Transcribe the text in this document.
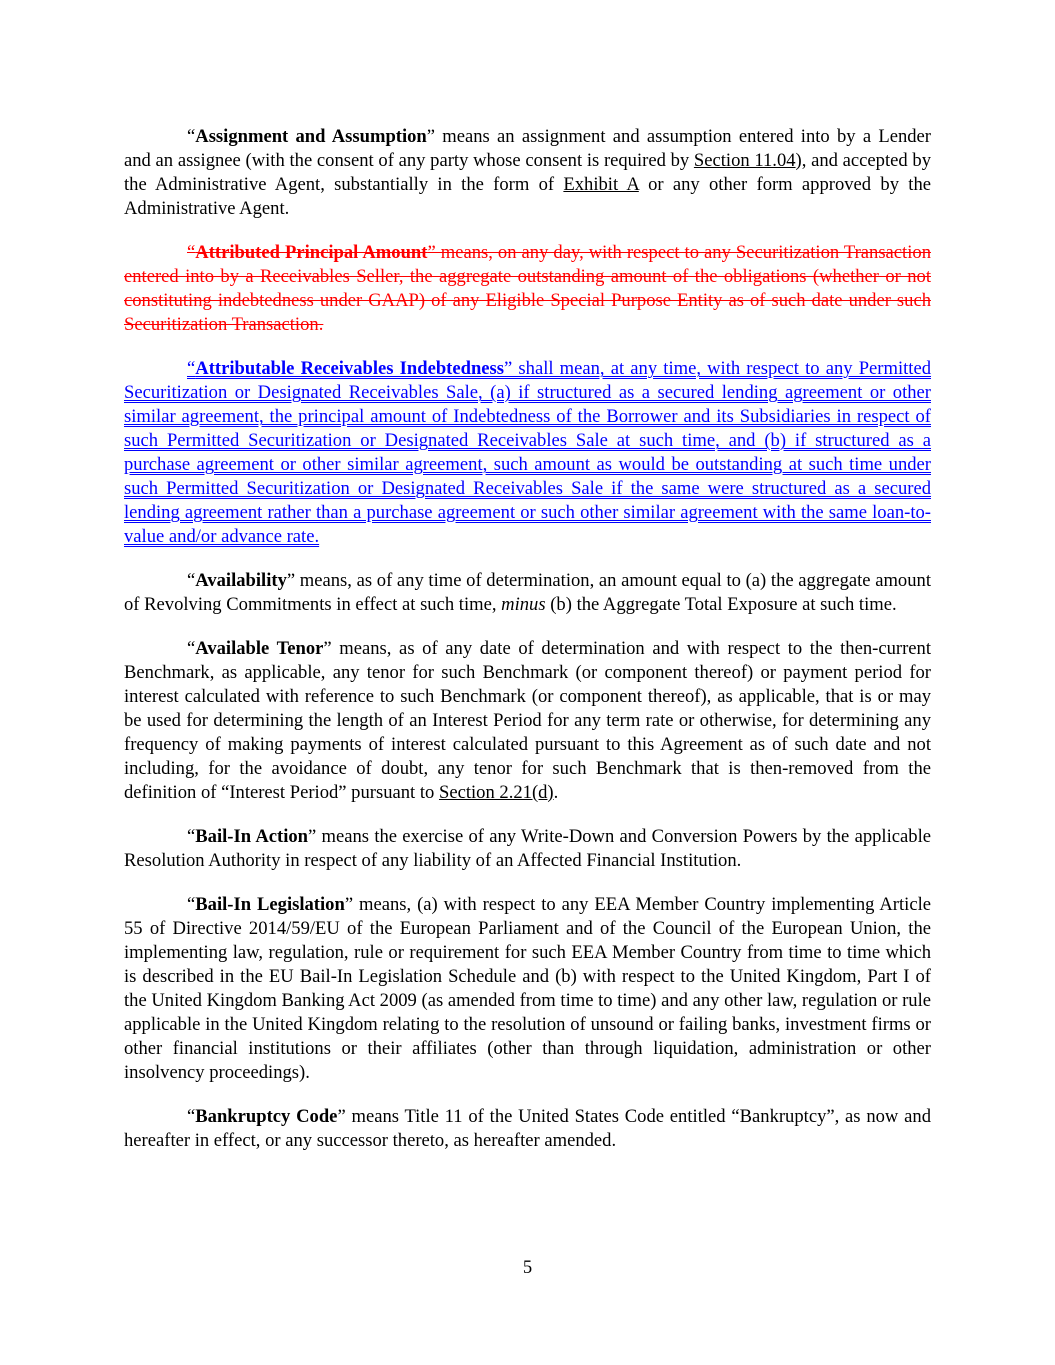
“Assignment and Assumption” means an assignment and assumption entered into by a Lender and an assignee (with the consent of any party whose consent is required by Section 11.04), and accepted by the Administrative Agent, substantially in the form of Exhibit A or any other form approved by the Administrative Agent.

“Attributed Principal Amount” means, on any day, with respect to any Securitization Transaction entered into by a Receivables Seller, the aggregate outstanding amount of the obligations (whether or not constituting indebtedness under GAAP) of any Eligible Special Purpose Entity as of such date under such Securitization Transaction.

“Attributable Receivables Indebtedness” shall mean, at any time, with respect to any Permitted Securitization or Designated Receivables Sale, (a) if structured as a secured lending agreement or other similar agreement, the principal amount of Indebtedness of the Borrower and its Subsidiaries in respect of such Permitted Securitization or Designated Receivables Sale at such time, and (b) if structured as a purchase agreement or other similar agreement, such amount as would be outstanding at such time under such Permitted Securitization or Designated Receivables Sale if the same were structured as a secured lending agreement rather than a purchase agreement or such other similar agreement with the same loan-to-value and/or advance rate.

“Availability” means, as of any time of determination, an amount equal to (a) the aggregate amount of Revolving Commitments in effect at such time, minus (b) the Aggregate Total Exposure at such time.

“Available Tenor” means, as of any date of determination and with respect to the then-current Benchmark, as applicable, any tenor for such Benchmark (or component thereof) or payment period for interest calculated with reference to such Benchmark (or component thereof), as applicable, that is or may be used for determining the length of an Interest Period for any term rate or otherwise, for determining any frequency of making payments of interest calculated pursuant to this Agreement as of such date and not including, for the avoidance of doubt, any tenor for such Benchmark that is then-removed from the definition of “Interest Period” pursuant to Section 2.21(d).

“Bail-In Action” means the exercise of any Write-Down and Conversion Powers by the applicable Resolution Authority in respect of any liability of an Affected Financial Institution.

“Bail-In Legislation” means, (a) with respect to any EEA Member Country implementing Article 55 of Directive 2014/59/EU of the European Parliament and of the Council of the European Union, the implementing law, regulation, rule or requirement for such EEA Member Country from time to time which is described in the EU Bail-In Legislation Schedule and (b) with respect to the United Kingdom, Part I of the United Kingdom Banking Act 2009 (as amended from time to time) and any other law, regulation or rule applicable in the United Kingdom relating to the resolution of unsound or failing banks, investment firms or other financial institutions or their affiliates (other than through liquidation, administration or other insolvency proceedings).

“Bankruptcy Code” means Title 11 of the United States Code entitled “Bankruptcy”, as now and hereafter in effect, or any successor thereto, as hereafter amended.

5
